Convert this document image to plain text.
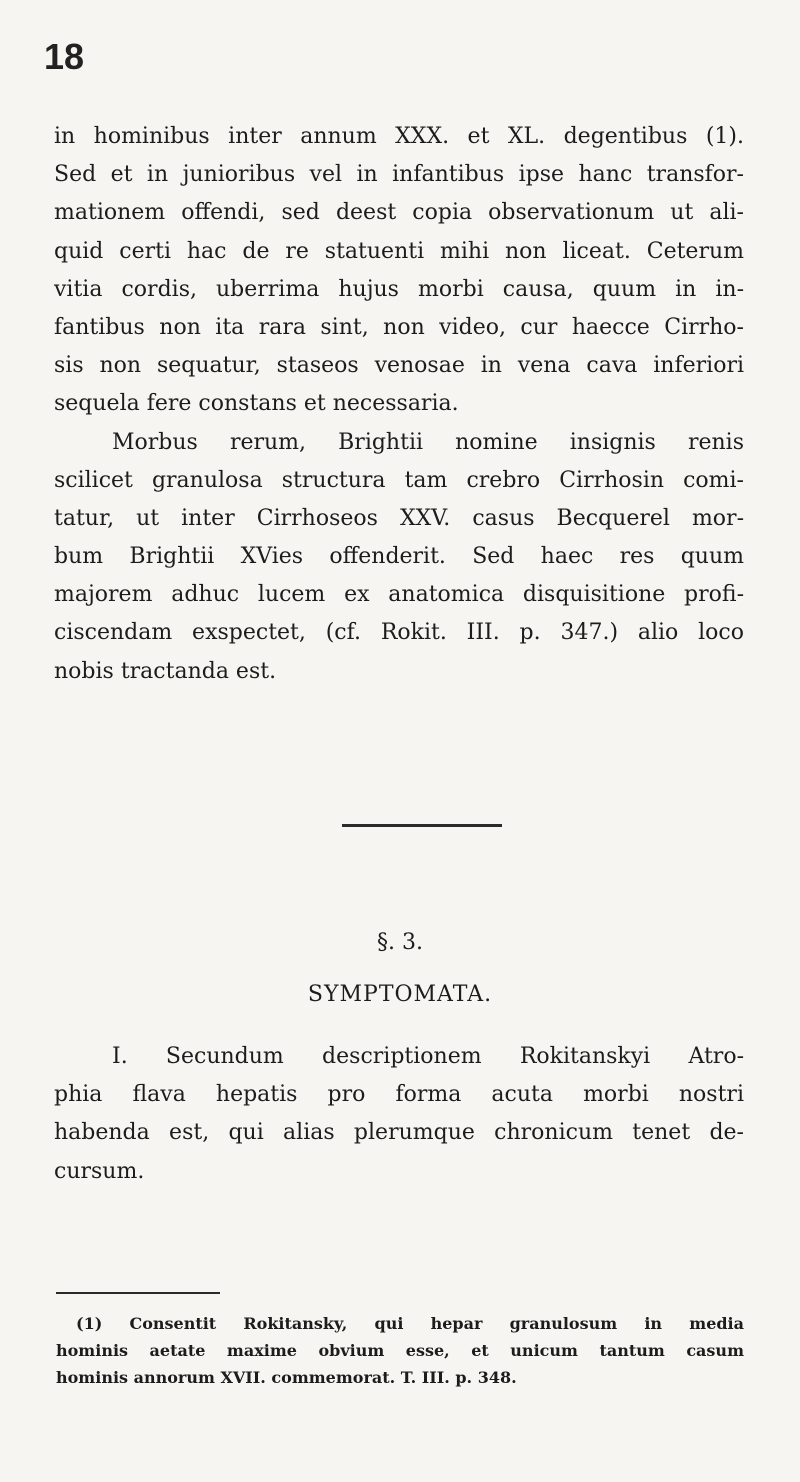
18
in hominibus inter annum XXX. et XL. degentibus (1).
Sed et in junioribus vel in infantibus ipse hanc transfor-
mationem offendi, sed deest copia observationum ut ali-
quid certi hac de re statuenti mihi non liceat. Ceterum
vitia cordis, uberrima hujus morbi causa, quum in in-
fantibus non ita rara sint, non video, cur haecce Cirrho-
sis non sequatur, staseos venosae in vena cava inferiori
sequela fere constans et necessaria.
Morbus rerum, Brightii nomine insignis renis
scilicet granulosa structura tam crebro Cirrhosin comi-
tatur, ut inter Cirrhoseos XXV. casus Becquerel mor-
bum Brightii XVies offenderit. Sed haec res quum
majorem adhuc lucem ex anatomica disquisitione profi-
ciscendam exspectet, (cf. Rokit. III. p. 347.) alio loco
nobis tractanda est.
§. 3.
SYMPTOMATA.
I. Secundum descriptionem Rokitanskyi Atro-
phia flava hepatis pro forma acuta morbi nostri
habenda est, qui alias plerumque chronicum tenet de-
cursum.
(1) Consentit Rokitansky, qui hepar granulosum in media
hominis aetate maxime obvium esse, et unicum tantum casum
hominis annorum XVII. commemorat. T. III. p. 348.
